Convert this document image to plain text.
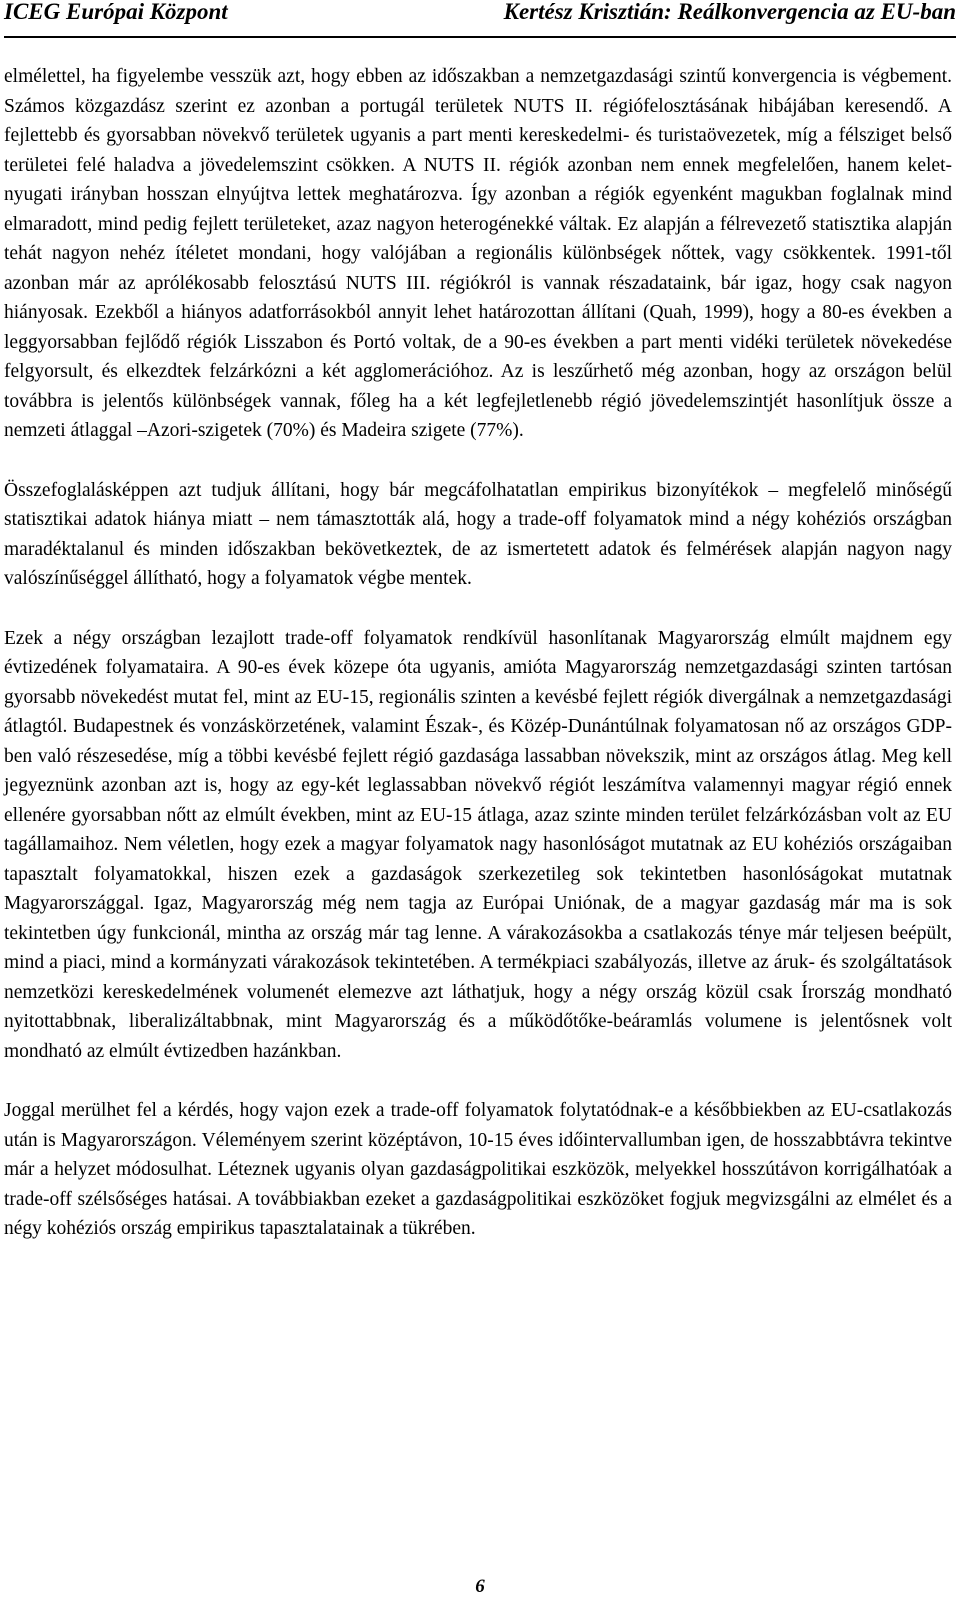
ICEG Európai Központ	Kertész Krisztián: Reálkonvergencia az EU-ban

elmélettel, ha figyelembe vesszük azt, hogy ebben az időszakban a nemzetgazdasági szintű konvergencia is végbement. Számos közgazdász szerint ez azonban a portugál területek NUTS II. régiófelosztásának hibájában keresendő. A fejlettebb és gyorsabban növekvő területek ugyanis a part menti kereskedelmi- és turistaövezetek, míg a félsziget belső területei felé haladva a jövedelemszint csökken. A NUTS II. régiók azonban nem ennek megfelelően, hanem kelet-nyugati irányban hosszan elnyújtva lettek meghatározva. Így azonban a régiók egyenként magukban foglalnak mind elmaradott, mind pedig fejlett területeket, azaz nagyon heterogénekké váltak. Ez alapján a félrevezető statisztika alapján tehát nagyon nehéz ítéletet mondani, hogy valójában a regionális különbségek nőttek, vagy csökkentek. 1991-től azonban már az aprólékosabb felosztású NUTS III. régiókról is vannak részadataink, bár igaz, hogy csak nagyon hiányosak. Ezekből a hiányos adatforrásokból annyit lehet határozottan állítani (Quah, 1999), hogy a 80-es években a leggyorsabban fejlődő régiók Lisszabon és Portó voltak, de a 90-es években a part menti vidéki területek növekedése felgyorsult, és elkezdtek felzárkózni a két agglomerációhoz. Az is leszűrhető még azonban, hogy az országon belül továbbra is jelentős különbségek vannak, főleg ha a két legfejletlenebb régió jövedelemszintjét hasonlítjuk össze a nemzeti átlaggal –Azori-szigetek (70%) és Madeira szigete (77%).

Összefoglalásképpen azt tudjuk állítani, hogy bár megcáfolhatatlan empirikus bizonyítékok – megfelelő minőségű statisztikai adatok hiánya miatt – nem támasztották alá, hogy a trade-off folyamatok mind a négy kohéziós országban maradéktalanul és minden időszakban bekövetkeztek, de az ismertetett adatok és felmérések alapján nagyon nagy valószínűséggel állítható, hogy a folyamatok végbe mentek.

Ezek a négy országban lezajlott trade-off folyamatok rendkívül hasonlítanak Magyarország elmúlt majdnem egy évtizedének folyamataira. A 90-es évek közepe óta ugyanis, amióta Magyarország nemzetgazdasági szinten tartósan gyorsabb növekedést mutat fel, mint az EU-15, regionális szinten a kevésbé fejlett régiók divergálnak a nemzetgazdasági átlagtól. Budapestnek és vonzáskörzetének, valamint Észak-, és Közép-Dunántúlnak folyamatosan nő az országos GDP-ben való részesedése, míg a többi kevésbé fejlett régió gazdasága lassabban növekszik, mint az országos átlag. Meg kell jegyeznünk azonban azt is, hogy az egy-két leglassabban növekvő régiót leszámítva valamennyi magyar régió ennek ellenére gyorsabban nőtt az elmúlt években, mint az EU-15 átlaga, azaz szinte minden terület felzárkózásban volt az EU tagállamaihoz. Nem véletlen, hogy ezek a magyar folyamatok nagy hasonlóságot mutatnak az EU kohéziós országaiban tapasztalt folyamatokkal, hiszen ezek a gazdaságok szerkezetileg sok tekintetben hasonlóságokat mutatnak Magyarországgal. Igaz, Magyarország még nem tagja az Európai Uniónak, de a magyar gazdaság már ma is sok tekintetben úgy funkcionál, mintha az ország már tag lenne. A várakozásokba a csatlakozás ténye már teljesen beépült, mind a piaci, mind a kormányzati várakozások tekintetében. A termékpiaci szabályozás, illetve az áruk- és szolgáltatások nemzetközi kereskedelmének volumenét elemezve azt láthatjuk, hogy a négy ország közül csak Írország mondható nyitottabbnak, liberalizáltabbnak, mint Magyarország és a működőtőke-beáramlás volumene is jelentősnek volt mondható az elmúlt évtizedben hazánkban.

Joggal merülhet fel a kérdés, hogy vajon ezek a trade-off folyamatok folytatódnak-e a későbbiekben az EU-csatlakozás után is Magyarországon. Véleményem szerint középtávon, 10-15 éves időintervallumban igen, de hosszabbtávra tekintve már a helyzet módosulhat. Léteznek ugyanis olyan gazdaságpolitikai eszközök, melyekkel hosszútávon korrigálhatóak a trade-off szélsőséges hatásai. A továbbiakban ezeket a gazdaságpolitikai eszközöket fogjuk megvizsgálni az elmélet és a négy kohéziós ország empirikus tapasztalatainak a tükrében.

6
